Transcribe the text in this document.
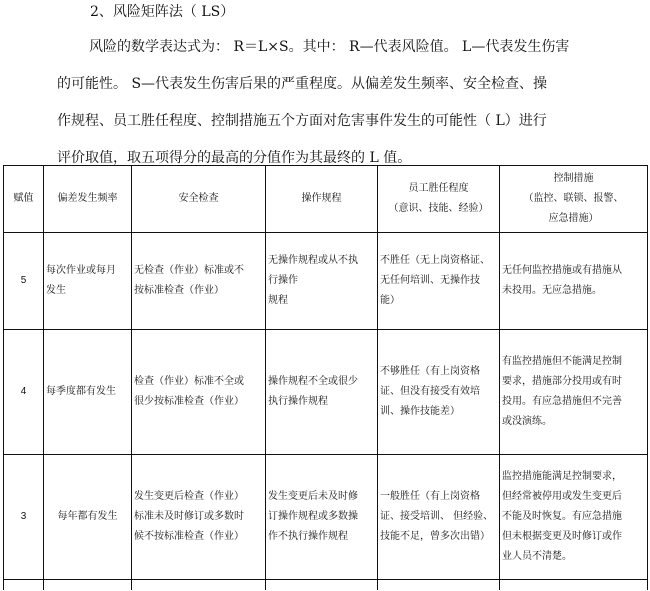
2、风险矩阵法（ LS）
风险的数学表达式为： R＝L×S。其中： R—代表风险值。 L—代表发生伤害
的可能性。 S—代表发生伤害后果的严重程度。从偏差发生频率、安全检查、操
作规程、员工胜任程度、控制措施五个方面对危害事件发生的可能性（ L）进行
评价取值，取五项得分的最高的分值作为其最终的 L 值。
赋值	偏差发生频率	安全检查	操作规程	员工胜任程度
（意识、技能、经验）	控制措施
（监控、联锁、报警、
应急措施）
5	每次作业或每月
发生	无检查（作业）标准或不
按标准检查（作业）	无操作规程或从不执
行操作
规程	不胜任（无上岗资格证、
无任何培训、无操作技
能）	无任何监控措施或有措施从
未投用。无应急措施。
4	每季度都有发生	检查（作业）标准不全或
很少按标准检查（作业）	操作规程不全或很少
执行操作规程	不够胜任（有上岗资格
证、但没有接受有效培
训、操作技能差）	有监控措施但不能满足控制
要求，措施部分投用或有时
投用。有应急措施但不完善
或没演练。
3	每年都有发生	发生变更后检查（作业）
标准未及时修订或多数时
候不按标准检查（作业）	发生变更后未及时修
订操作规程或多数操
作不执行操作规程	一般胜任（有上岗资格
证、接受培训、 但经验、
技能不足，曾多次出错）	监控措施能满足控制要求，
但经常被停用或发生变更后
不能及时恢复。有应急措施
但未根据变更及时修订或作
业人员不清楚。
